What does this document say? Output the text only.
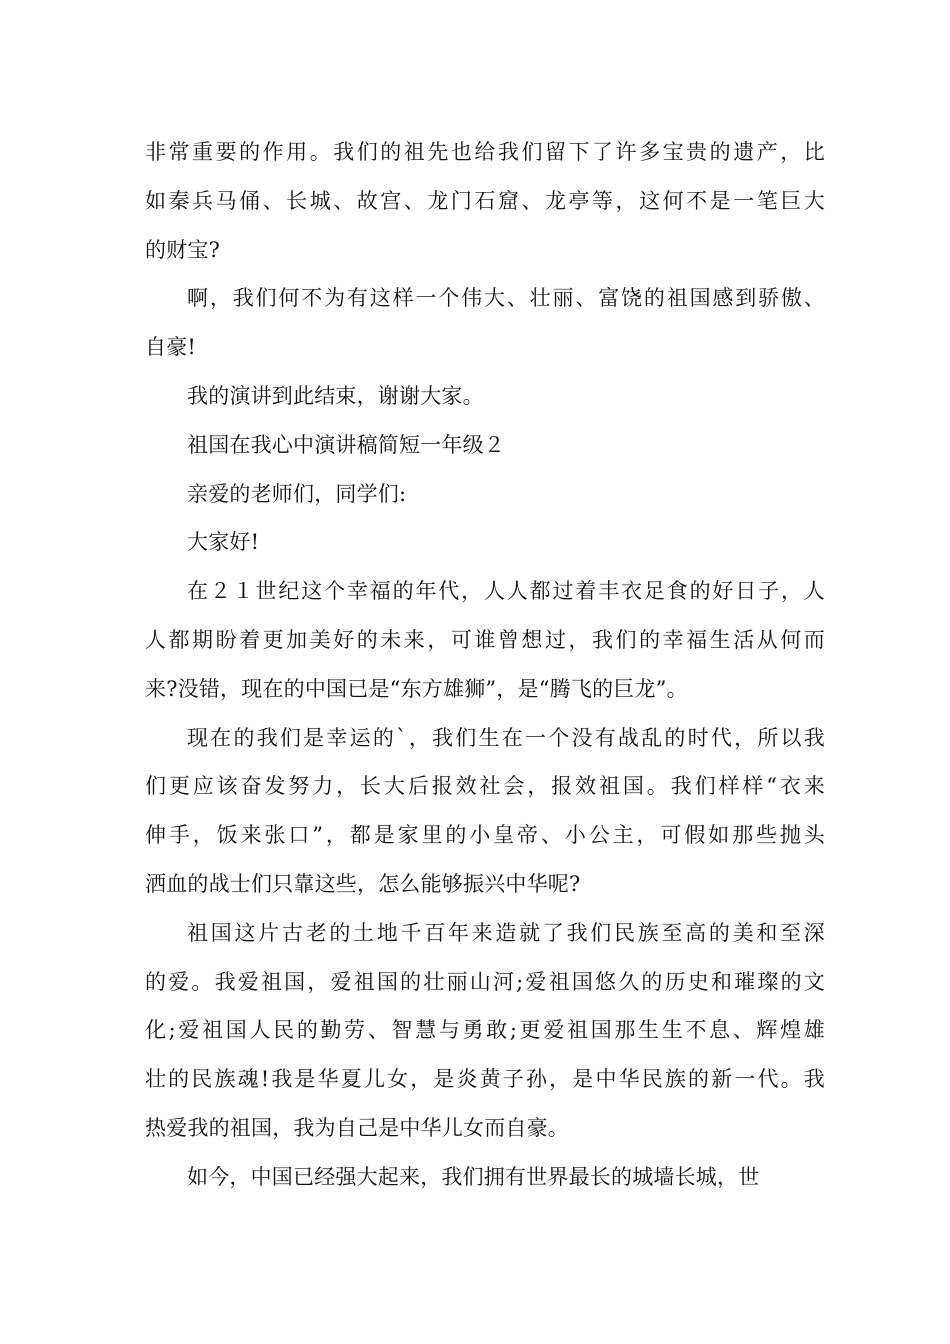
非常重要的作用。我们的祖先也给我们留下了许多宝贵的遗产，比
如秦兵马俑、长城、故宫、龙门石窟、龙亭等，这何不是一笔巨大
的财宝?
啊，我们何不为有这样一个伟大、壮丽、富饶的祖国感到骄傲、
自豪!
我的演讲到此结束，谢谢大家。
祖国在我心中演讲稿简短一年级２
亲爱的老师们，同学们:
大家好!
在２１世纪这个幸福的年代，人人都过着丰衣足食的好日子，人
人都期盼着更加美好的未来，可谁曾想过，我们的幸福生活从何而
来?没错，现在的中国已是“东方雄狮”，是“腾飞的巨龙”。
现在的我们是幸运的`，我们生在一个没有战乱的时代，所以我
们更应该奋发努力，长大后报效社会，报效祖国。我们样样“衣来
伸手，饭来张口”，都是家里的小皇帝、小公主，可假如那些抛头
洒血的战士们只靠这些，怎么能够振兴中华呢?
祖国这片古老的土地千百年来造就了我们民族至高的美和至深
的爱。我爱祖国，爱祖国的壮丽山河;爱祖国悠久的历史和璀璨的文
化;爱祖国人民的勤劳、智慧与勇敢;更爱祖国那生生不息、辉煌雄
壮的民族魂!我是华夏儿女，是炎黄子孙，是中华民族的新一代。我
热爱我的祖国，我为自己是中华儿女而自豪。
如今，中国已经强大起来，我们拥有世界最长的城墙长城，世
